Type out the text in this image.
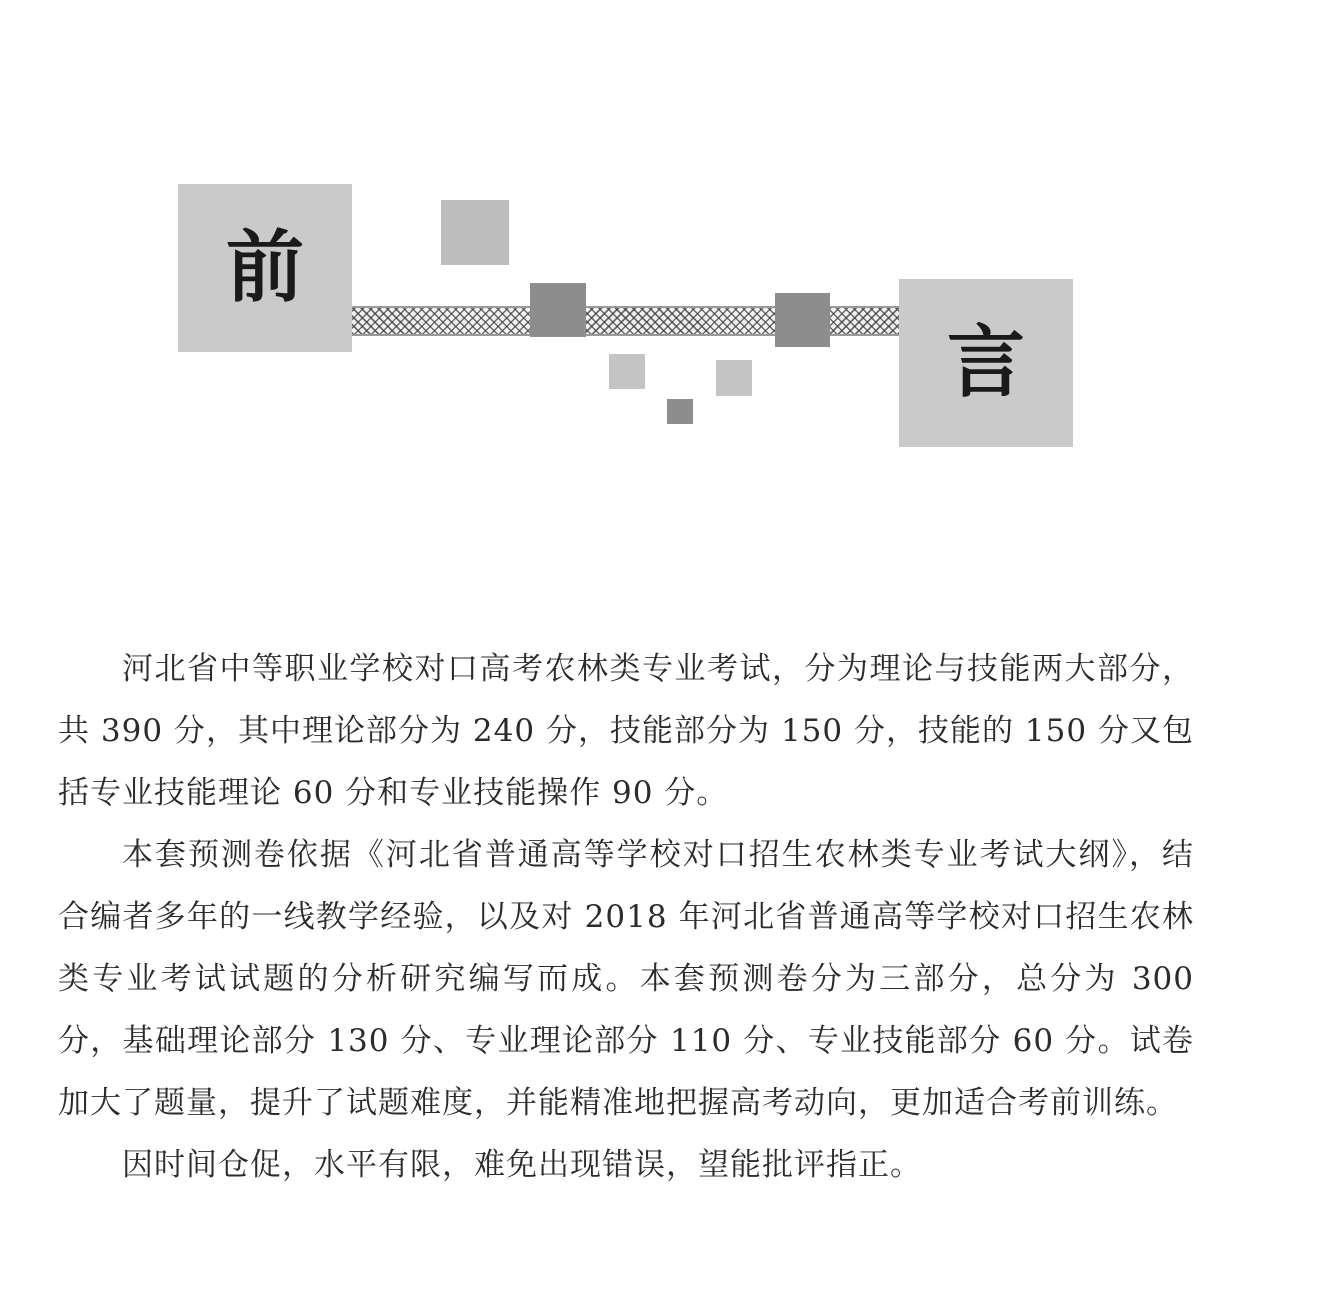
前
言

河北省中等职业学校对口高考农林类专业考试，分为理论与技能两大部分，共 390 分，其中理论部分为 240 分，技能部分为 150 分，技能的 150 分又包括专业技能理论 60 分和专业技能操作 90 分。

本套预测卷依据《河北省普通高等学校对口招生农林类专业考试大纲》，结合编者多年的一线教学经验，以及对 2018 年河北省普通高等学校对口招生农林类专业考试试题的分析研究编写而成。本套预测卷分为三部分，总分为 300 分，基础理论部分 130 分、专业理论部分 110 分、专业技能部分 60 分。试卷加大了题量，提升了试题难度，并能精准地把握高考动向，更加适合考前训练。

因时间仓促，水平有限，难免出现错误，望能批评指正。
